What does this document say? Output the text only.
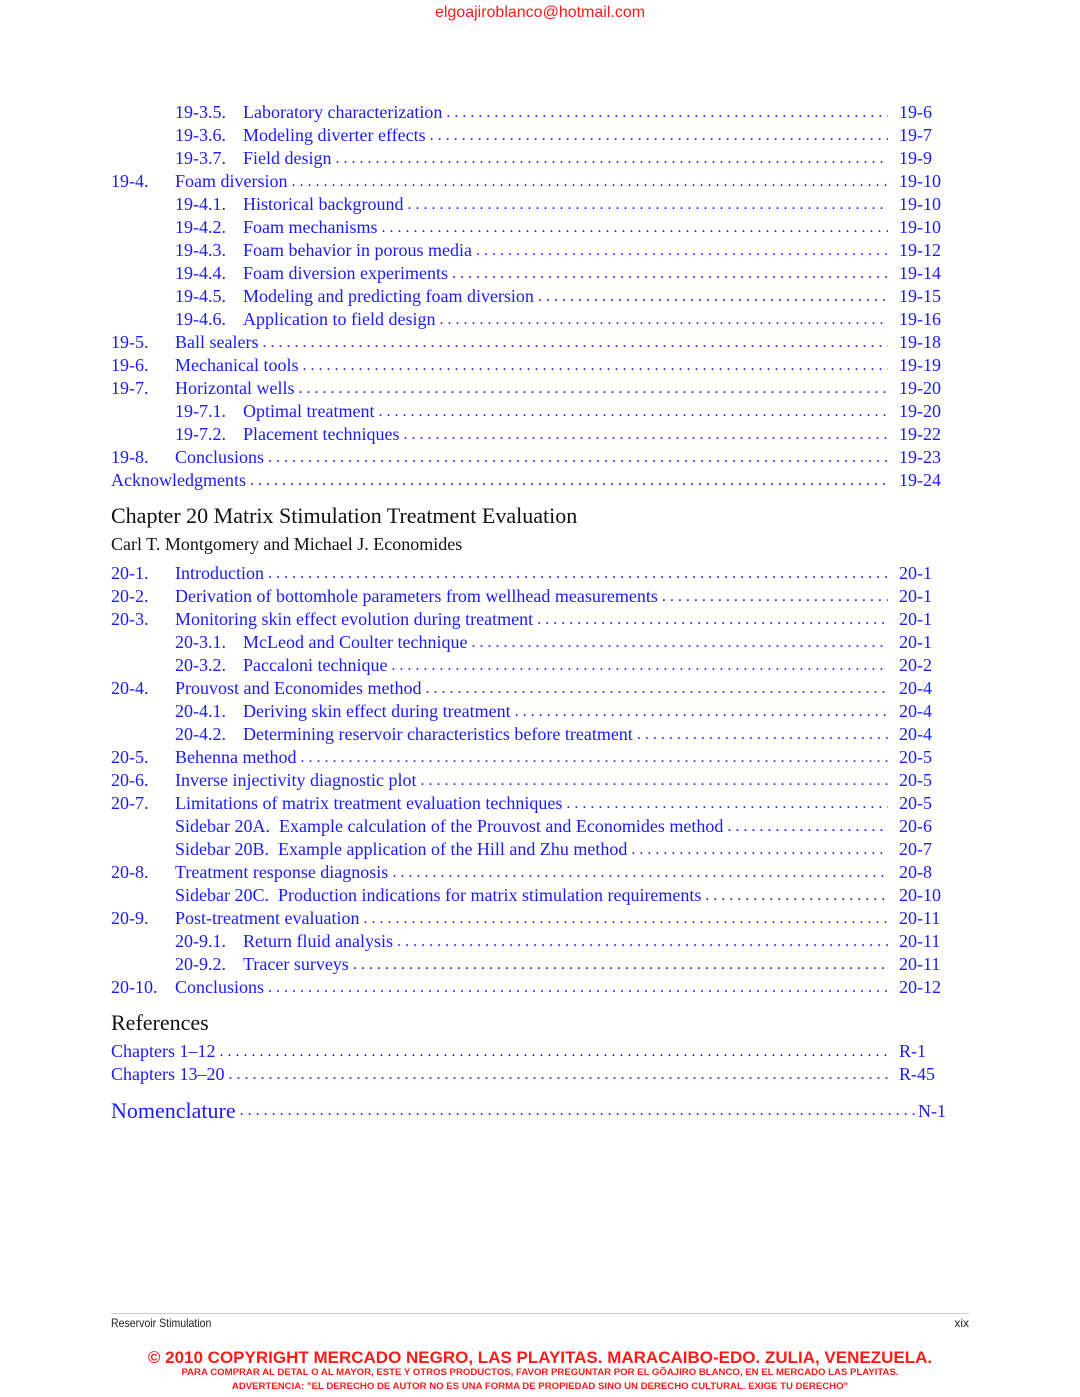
elgoajiroblanco@hotmail.com
19-3.5. Laboratory characterization . . .	19-6
19-3.6. Modeling diverter effects . . .	19-7
19-3.7. Field design . . .	19-9
19-4.	Foam diversion . . .	19-10
19-4.1. Historical background . . .	19-10
19-4.2. Foam mechanisms . . .	19-10
19-4.3. Foam behavior in porous media . . .	19-12
19-4.4. Foam diversion experiments . . .	19-14
19-4.5. Modeling and predicting foam diversion . . .	19-15
19-4.6. Application to field design . . .	19-16
19-5.	Ball sealers . . .	19-18
19-6.	Mechanical tools . . .	19-19
19-7.	Horizontal wells . . .	19-20
19-7.1. Optimal treatment . . .	19-20
19-7.2. Placement techniques . . .	19-22
19-8.	Conclusions . . .	19-23
Acknowledgments . . .	19-24
Chapter 20 Matrix Stimulation Treatment Evaluation
Carl T. Montgomery and Michael J. Economides
20-1.	Introduction . . .	20-1
20-2.	Derivation of bottomhole parameters from wellhead measurements . . .	20-1
20-3.	Monitoring skin effect evolution during treatment . . .	20-1
20-3.1. McLeod and Coulter technique . . .	20-1
20-3.2. Paccaloni technique . . .	20-2
20-4.	Prouvost and Economides method . . .	20-4
20-4.1. Deriving skin effect during treatment . . .	20-4
20-4.2. Determining reservoir characteristics before treatment . . .	20-4
20-5.	Behenna method . . .	20-5
20-6.	Inverse injectivity diagnostic plot . . .	20-5
20-7.	Limitations of matrix treatment evaluation techniques . . .	20-5
Sidebar 20A. Example calculation of the Prouvost and Economides method . . .	20-6
Sidebar 20B. Example application of the Hill and Zhu method . . .	20-7
20-8.	Treatment response diagnosis . . .	20-8
Sidebar 20C. Production indications for matrix stimulation requirements . . .	20-10
20-9.	Post-treatment evaluation . . .	20-11
20-9.1. Return fluid analysis . . .	20-11
20-9.2. Tracer surveys . . .	20-11
20-10. Conclusions . . .	20-12
References
Chapters 1–12 . . .	R-1
Chapters 13–20 . . .	R-45
Nomenclature . . .	N-1
Reservoir Stimulation	xix
© 2010 COPYRIGHT MERCADO NEGRO, LAS PLAYITAS. MARACAIBO-EDO. ZULIA, VENEZUELA.
PARA COMPRAR AL DETAL O AL MAYOR, ESTE Y OTROS PRODUCTOS, FAVOR PREGUNTAR POR EL GÕAJIRO BLANCO, EN EL MERCADO LAS PLAYITAS.
ADVERTENCIA: "EL DERECHO DE AUTOR NO ES UNA FORMA DE PROPIEDAD SINO UN DERECHO CULTURAL. EXIGE TU DERECHO"
